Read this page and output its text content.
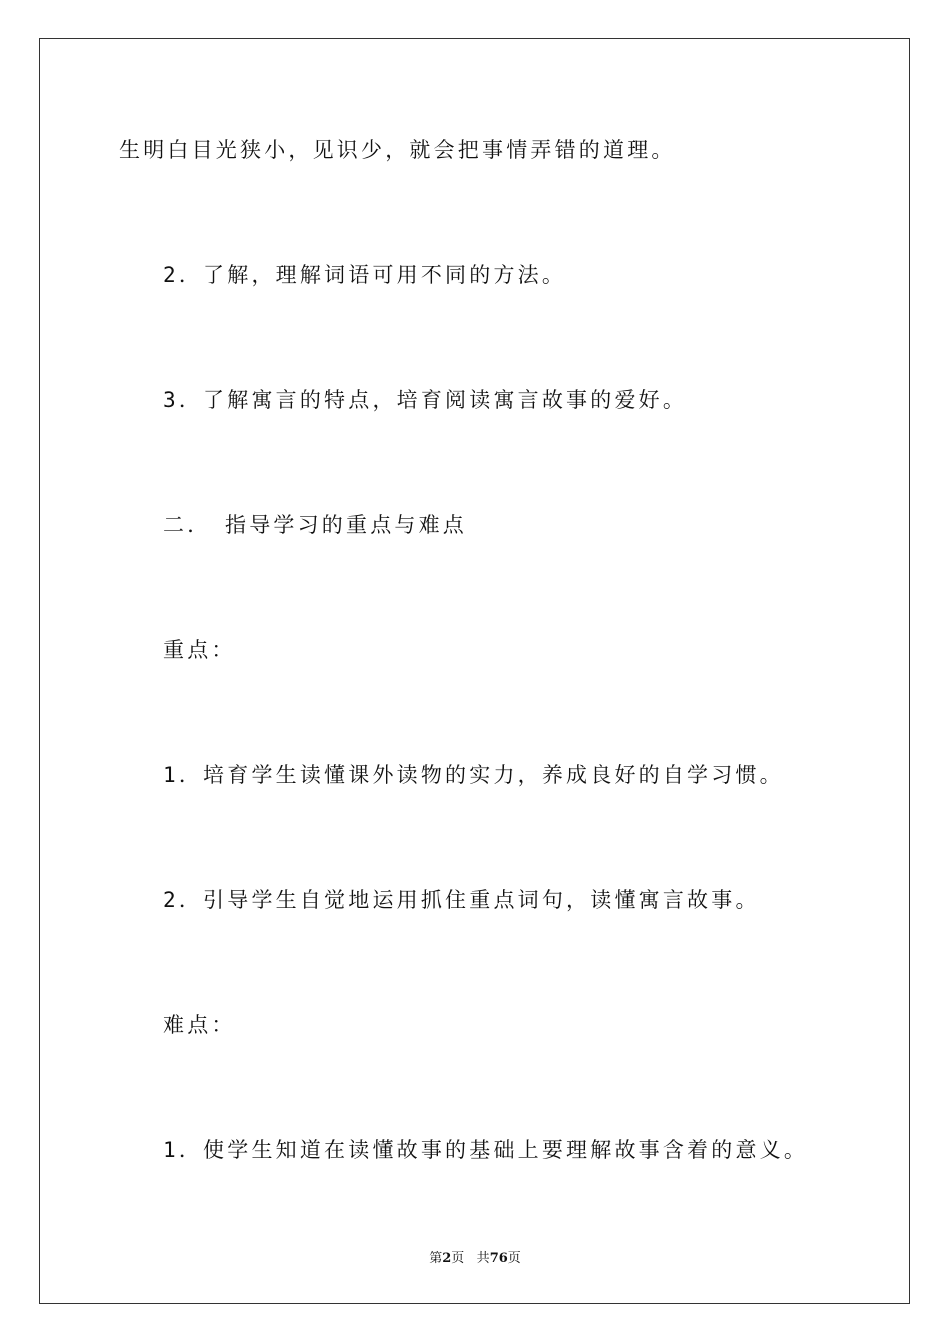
生明白目光狭小，见识少，就会把事情弄错的道理。
2．了解，理解词语可用不同的方法。
3．了解寓言的特点，培育阅读寓言故事的爱好。
二． 指导学习的重点与难点
重点：
1．培育学生读懂课外读物的实力，养成良好的自学习惯。
2．引导学生自觉地运用抓住重点词句，读懂寓言故事。
难点：
1．使学生知道在读懂故事的基础上要理解故事含着的意义。
第2页 共76页
